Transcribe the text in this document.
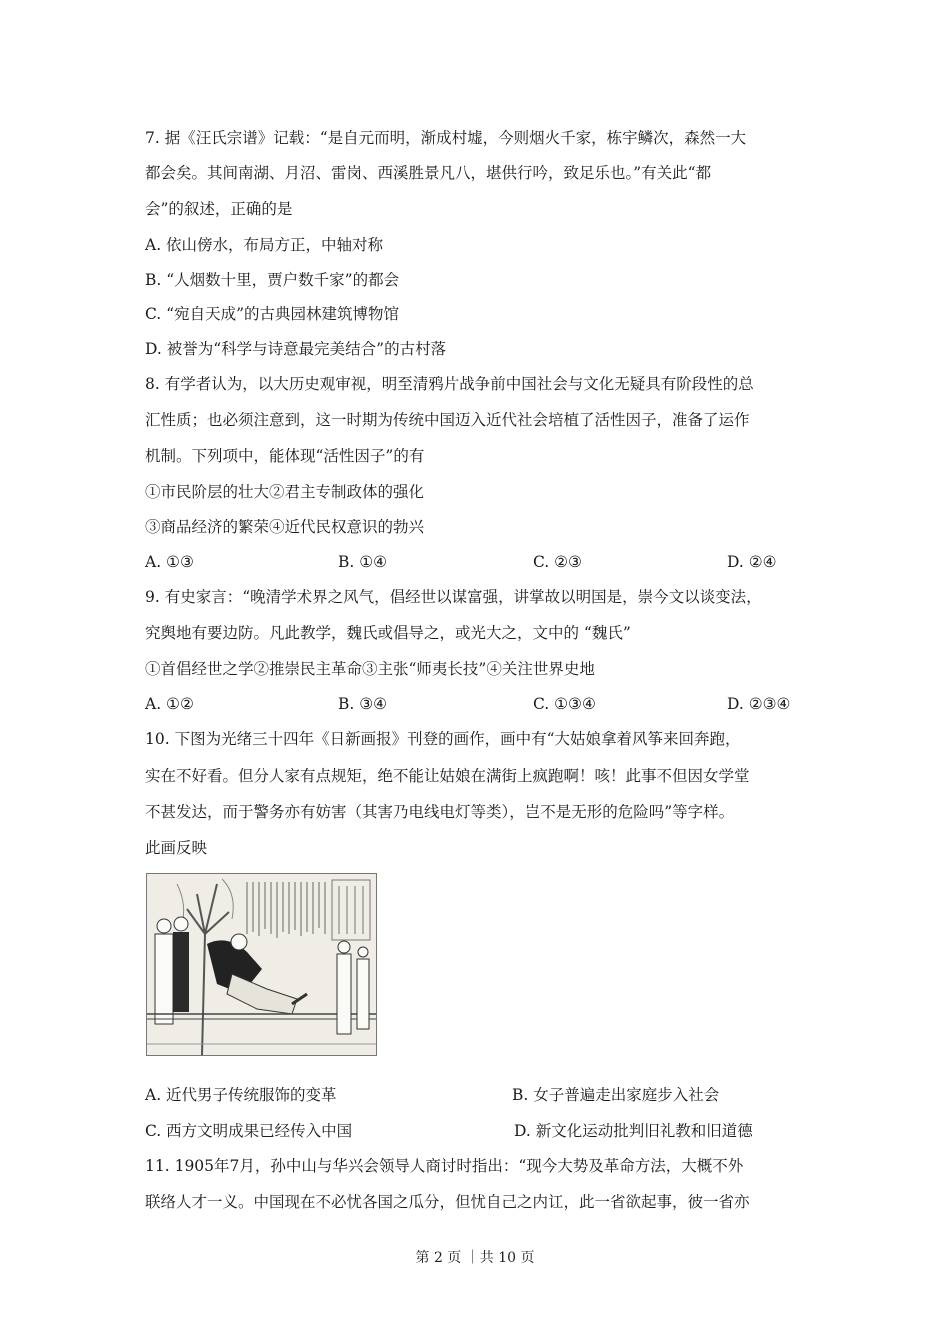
7. 据《汪氏宗谱》记载：“是自元而明，渐成村墟，今则烟火千家，栋宇鳞次，森然一大
都会矣。其间南湖、月沼、雷岗、西溪胜景凡八，堪供行吟，致足乐也。”有关此“都
会”的叙述，正确的是
A. 依山傍水，布局方正，中轴对称
B. “人烟数十里，贾户数千家”的都会
C. “宛自天成”的古典园林建筑博物馆
D. 被誉为“科学与诗意最完美结合”的古村落
8. 有学者认为，以大历史观审视，明至清鸦片战争前中国社会与文化无疑具有阶段性的总
汇性质；也必须注意到，这一时期为传统中国迈入近代社会培植了活性因子，准备了运作
机制。下列项中，能体现“活性因子”的有
①市民阶层的壮大②君主专制政体的强化
③商品经济的繁荣④近代民权意识的勃兴
A. ①③	B. ①④	C. ②③	D. ②④
9. 有史家言：“晚清学术界之风气，倡经世以谋富强，讲掌故以明国是，崇今文以谈变法，
究舆地有要边防。凡此教学，魏氏或倡导之，或光大之，文中的 “魏氏”
①首倡经世之学②推崇民主革命③主张“师夷长技”④关注世界史地
A. ①②	B. ③④	C. ①③④	D. ②③④
10. 下图为光绪三十四年《日新画报》刊登的画作，画中有“大姑娘拿着风筝来回奔跑，
实在不好看。但分人家有点规矩，绝不能让姑娘在满街上疯跑啊！咳！此事不但因女学堂
不甚发达，而于警务亦有妨害（其害乃电线电灯等类），岂不是无形的危险吗”等字样。
此画反映
A. 近代男子传统服饰的变革	B. 女子普遍走出家庭步入社会
C. 西方文明成果已经传入中国	D. 新文化运动批判旧礼教和旧道德
11. 1905年7月，孙中山与华兴会领导人商讨时指出：“现今大势及革命方法，大概不外
联络人才一义。中国现在不必忧各国之瓜分，但忧自己之内讧，此一省欲起事，彼一省亦
第 2 页 ｜共 10 页
